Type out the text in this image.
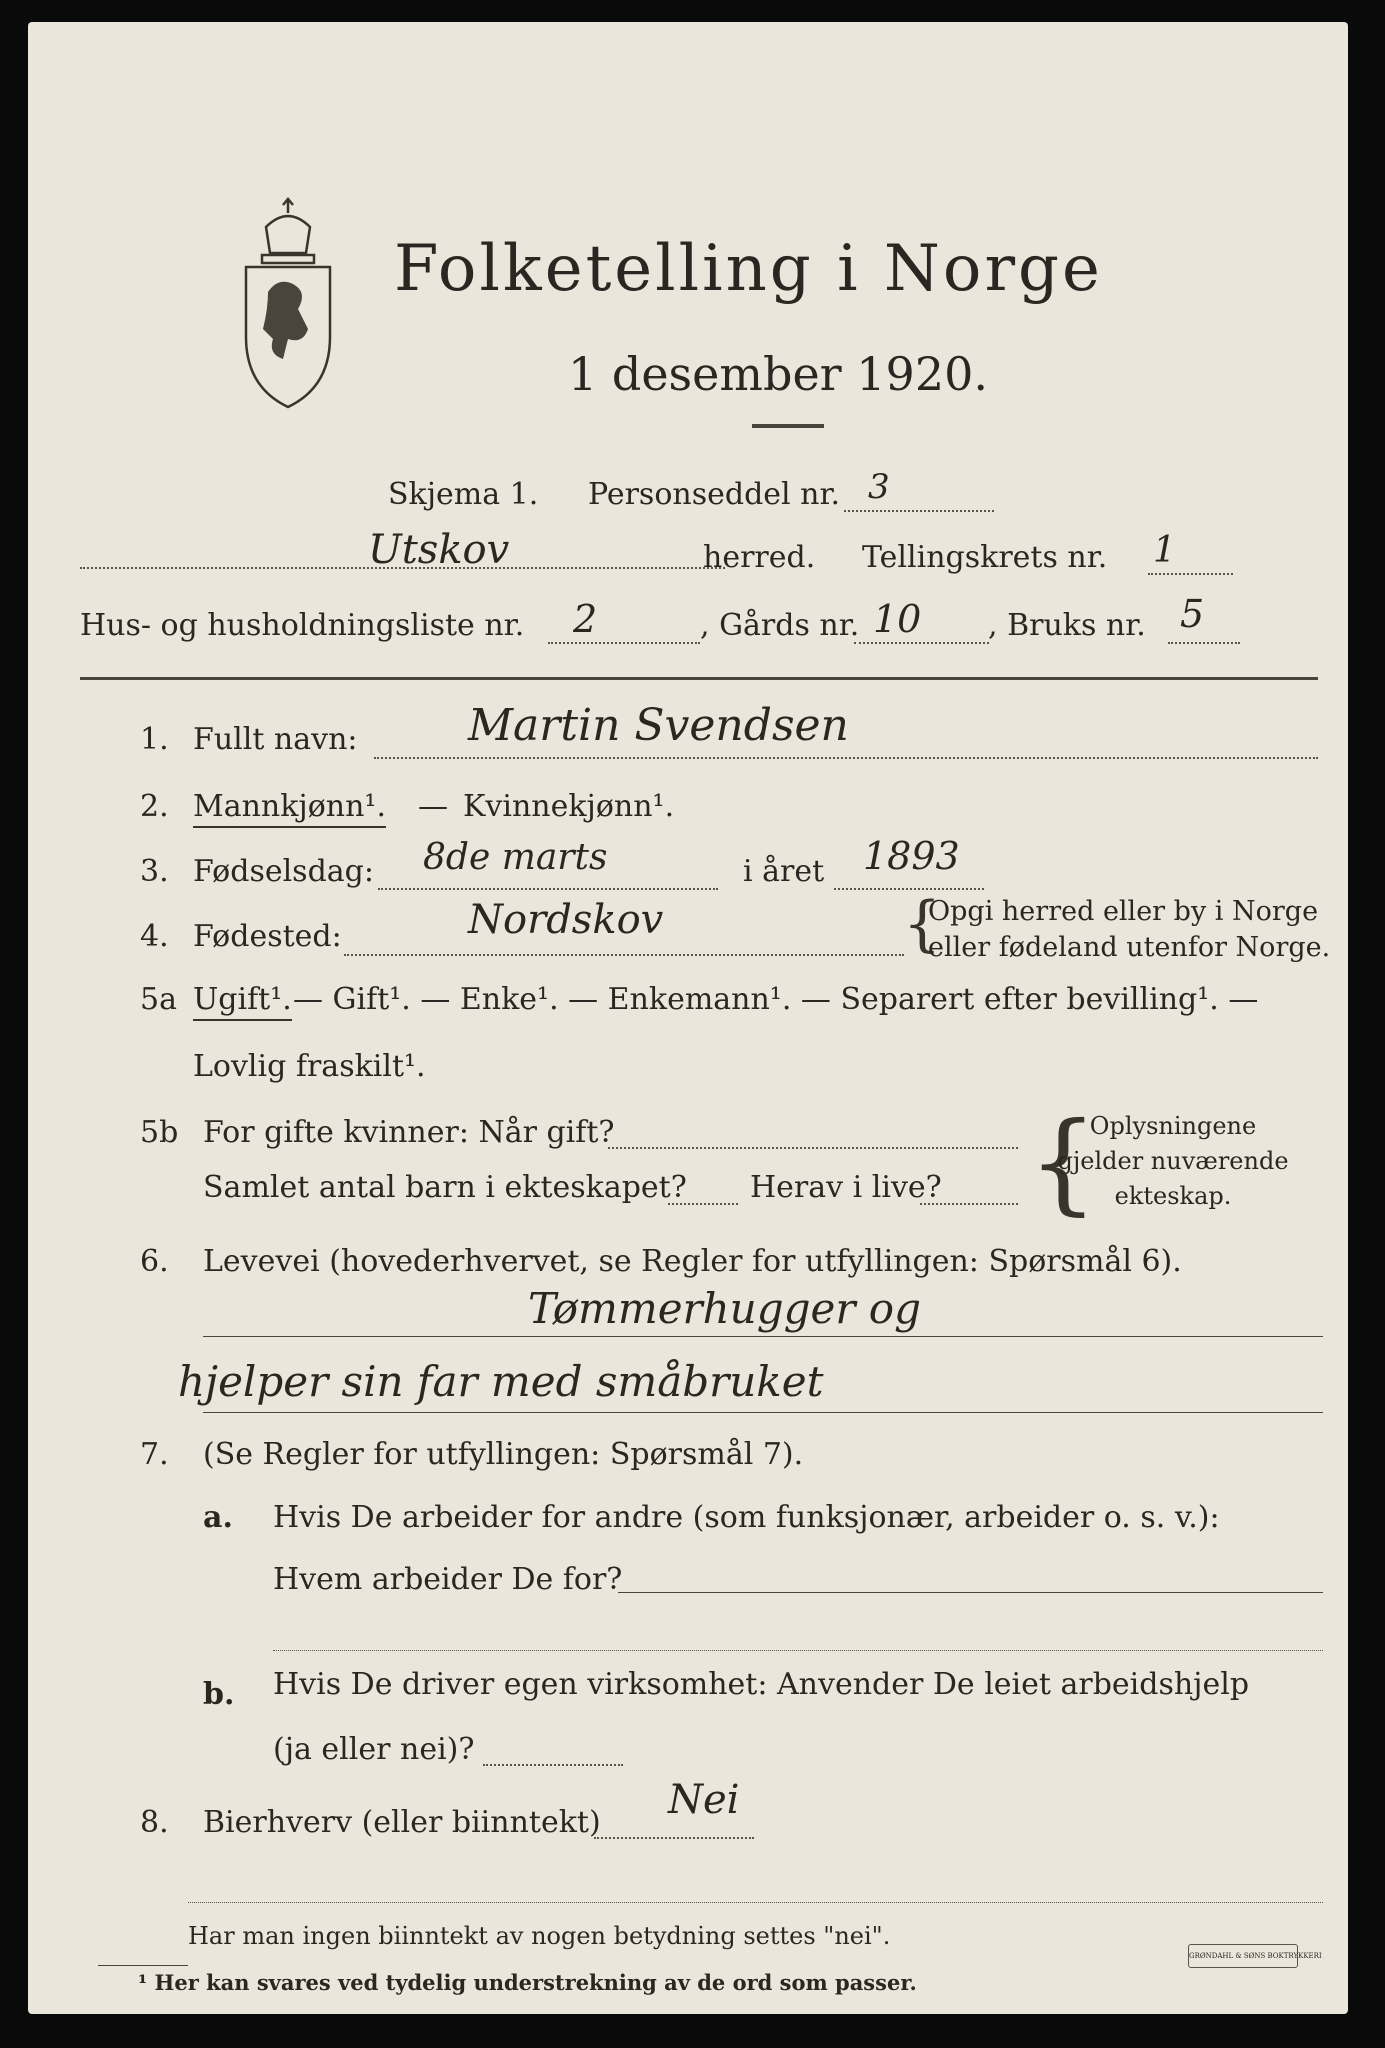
Folketelling i Norge
1 desember 1920.
Skjema 1. Personseddel nr. 3
Utskov	herred. Tellingskrets nr. 1
Hus- og husholdningsliste nr. 2	, Gårds nr. 10 , Bruks nr. 5
1. Fullt navn:	Martin Svendsen
2. Mannkjønn¹. — Kvinnekjønn¹.
3. Fødselsdag: 8de marts	i året 1893
4. Fødested:	Nordskov	{
Opgi herred eller by i Norge
eller fødeland utenfor Norge.
5a Ugift¹. — Gift¹. — Enke¹. — Enkemann¹. — Separert efter bevilling¹. —
Lovlig fraskilt¹.
5b For gifte kvinner: Når gift?
Samlet antal barn i ekteskapet? Herav i live? {
Oplysningene
gjelder nuværende
ekteskap.
6. Levevei (hovederhvervet, se Regler for utfyllingen: Spørsmål 6).
Tømmerhugger og
hjelper sin far med småbruket
7. (Se Regler for utfyllingen: Spørsmål 7).
a. Hvis De arbeider for andre (som funksjonær, arbeider o. s. v.):
Hvem arbeider De for?
b. Hvis De driver egen virksomhet: Anvender De leiet arbeidshjelp
(ja eller nei)?
8. Bierhverv (eller biinntekt) Nei
Har man ingen biinntekt av nogen betydning settes "nei".
¹ Her kan svares ved tydelig understrekning av de ord som passer.
GRØNDAHL & SØNS BOKTRYKKERI
